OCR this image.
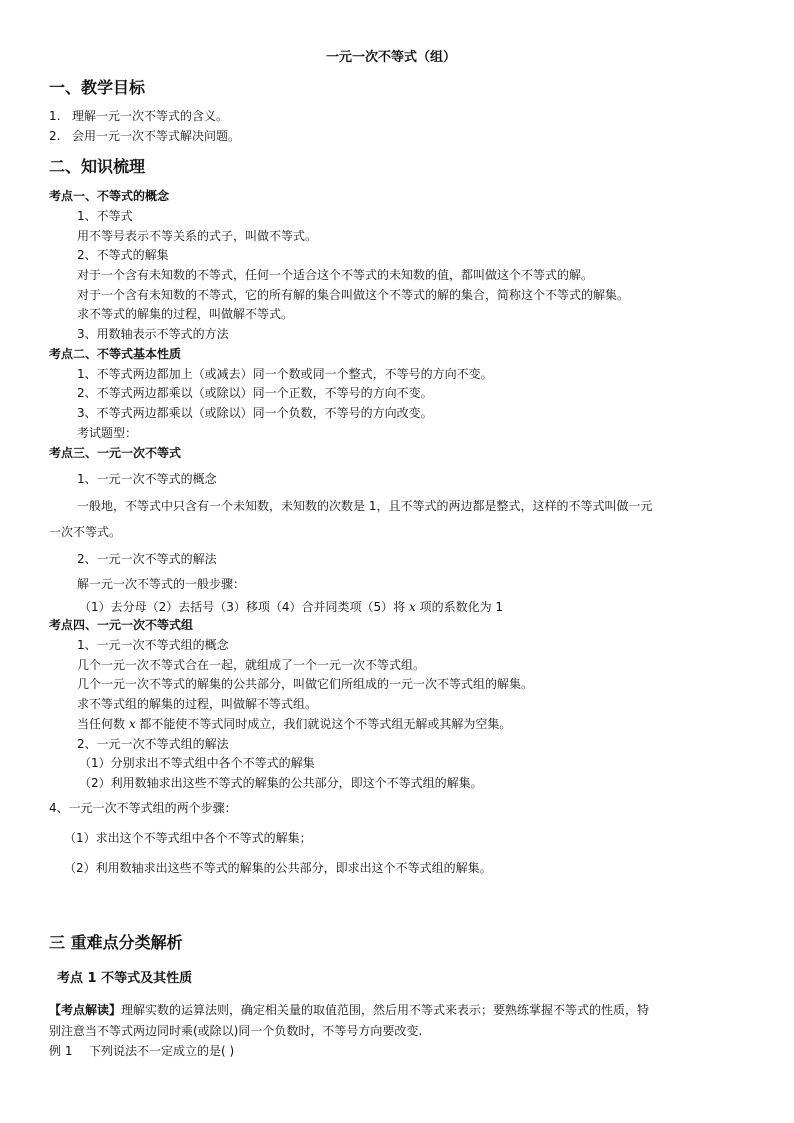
一元一次不等式（组）
一、教学目标
1. 理解一元一次不等式的含义。
2. 会用一元一次不等式解决问题。
二、知识梳理
考点一、不等式的概念
1、不等式
用不等号表示不等关系的式子，叫做不等式。
2、不等式的解集
对于一个含有未知数的不等式，任何一个适合这个不等式的未知数的值，都叫做这个不等式的解。
对于一个含有未知数的不等式，它的所有解的集合叫做这个不等式的解的集合，简称这个不等式的解集。
求不等式的解集的过程，叫做解不等式。
3、用数轴表示不等式的方法
考点二、不等式基本性质
1、不等式两边都加上（或减去）同一个数或同一个整式，不等号的方向不变。
2、不等式两边都乘以（或除以）同一个正数，不等号的方向不变。
3、不等式两边都乘以（或除以）同一个负数，不等号的方向改变。
考试题型：
考点三、一元一次不等式
1、一元一次不等式的概念
一般地，不等式中只含有一个未知数，未知数的次数是 1，且不等式的两边都是整式，这样的不等式叫做一元
一次不等式。
2、一元一次不等式的解法
解一元一次不等式的一般步骤：
（1）去分母（2）去括号（3）移项（4）合并同类项（5）将 x 项的系数化为 1
考点四、一元一次不等式组
1、一元一次不等式组的概念
几个一元一次不等式合在一起，就组成了一个一元一次不等式组。
几个一元一次不等式的解集的公共部分，叫做它们所组成的一元一次不等式组的解集。
求不等式组的解集的过程，叫做解不等式组。
当任何数 x 都不能使不等式同时成立，我们就说这个不等式组无解或其解为空集。
2、一元一次不等式组的解法
（1）分别求出不等式组中各个不等式的解集
（2）利用数轴求出这些不等式的解集的公共部分，即这个不等式组的解集。
4、一元一次不等式组的两个步骤：
（1）求出这个不等式组中各个不等式的解集；
（2）利用数轴求出这些不等式的解集的公共部分，即求出这个不等式组的解集。
三 重难点分类解析
考点 1 不等式及其性质
【考点解读】理解实数的运算法则，确定相关量的取值范围，然后用不等式来表示；要熟练掌握不等式的性质，特
别注意当不等式两边同时乘(或除以)同一个负数时，不等号方向要改变.
例 1 下列说法不一定成立的是( )
